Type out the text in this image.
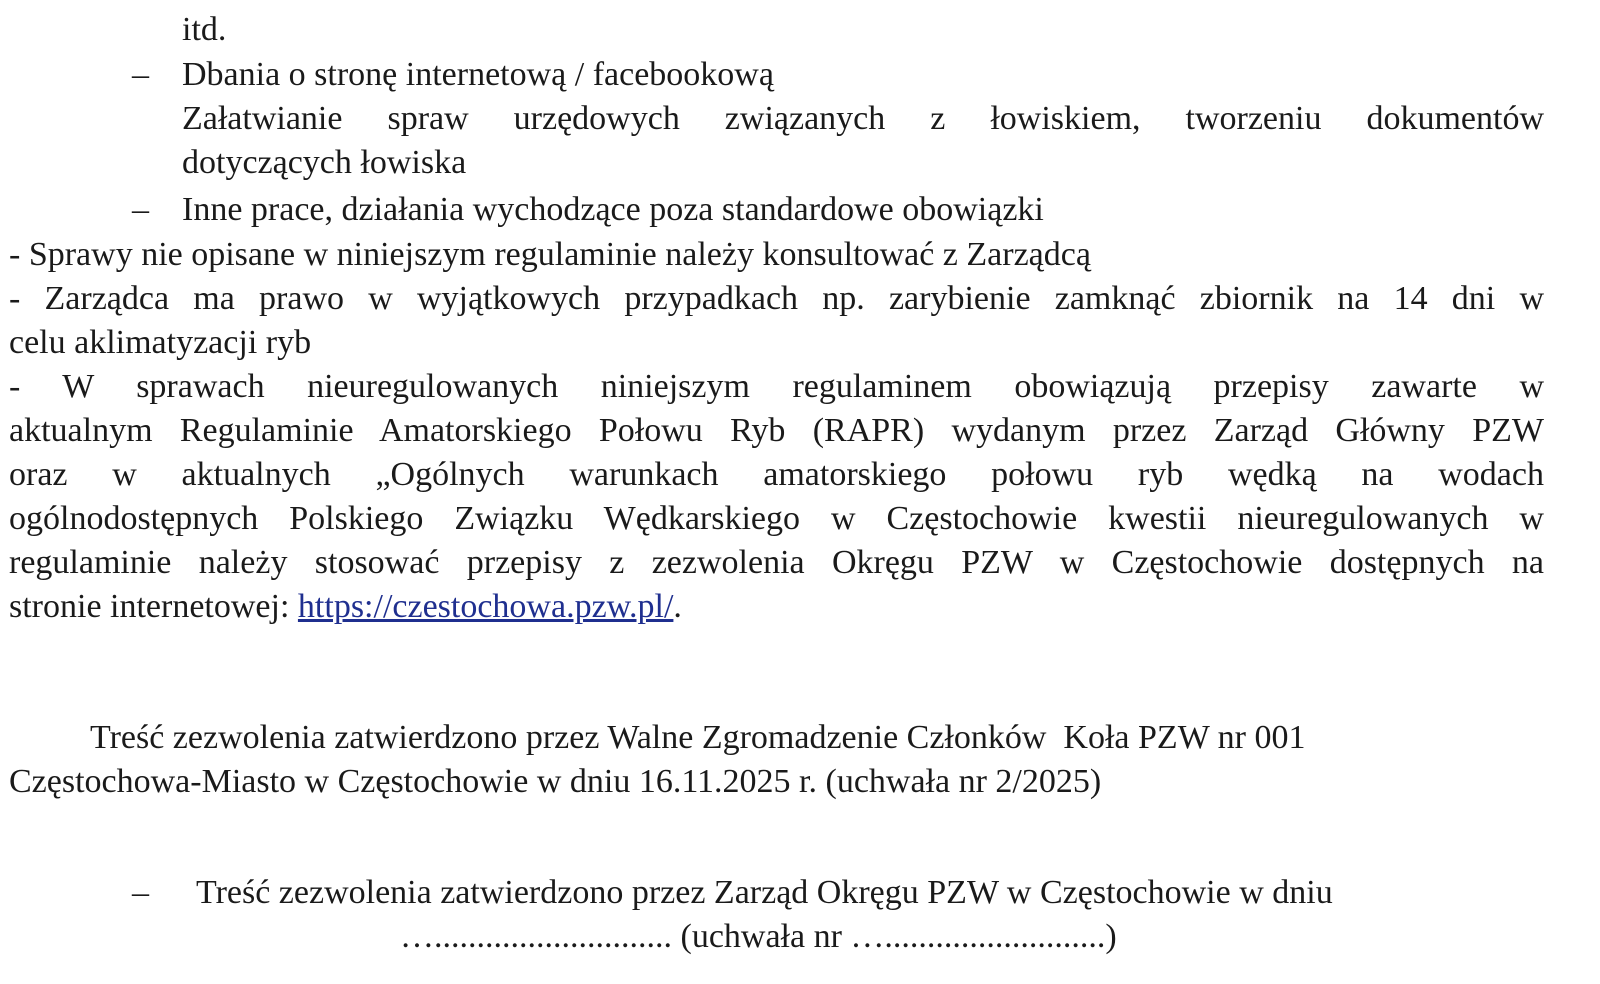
itd.
– Dbania o stronę internetową / facebookową
Załatwianie spraw urzędowych związanych z łowiskiem, tworzeniu dokumentów
dotyczących łowiska
– Inne prace, działania wychodzące poza standardowe obowiązki
- Sprawy nie opisane w niniejszym regulaminie należy konsultować z Zarządcą
- Zarządca ma prawo w wyjątkowych przypadkach np. zarybienie zamknąć zbiornik na 14 dni w
celu aklimatyzacji ryb
- W sprawach nieuregulowanych niniejszym regulaminem obowiązują przepisy zawarte w
aktualnym Regulaminie Amatorskiego Połowu Ryb (RAPR) wydanym przez Zarząd Główny PZW
oraz w aktualnych „Ogólnych warunkach amatorskiego połowu ryb wędką na wodach
ogólnodostępnych Polskiego Związku Wędkarskiego w Częstochowie kwestii nieuregulowanych w
regulaminie należy stosować przepisy z zezwolenia Okręgu PZW w Częstochowie dostępnych na
stronie internetowej: https://czestochowa.pzw.pl/.
Treść zezwolenia zatwierdzono przez Walne Zgromadzenie Członków  Koła PZW nr 001
Częstochowa-Miasto w Częstochowie w dniu 16.11.2025 r. (uchwała nr 2/2025)
– Treść zezwolenia zatwierdzono przez Zarząd Okręgu PZW w Częstochowie w dniu
…............................ (uchwała nr …..........................)
